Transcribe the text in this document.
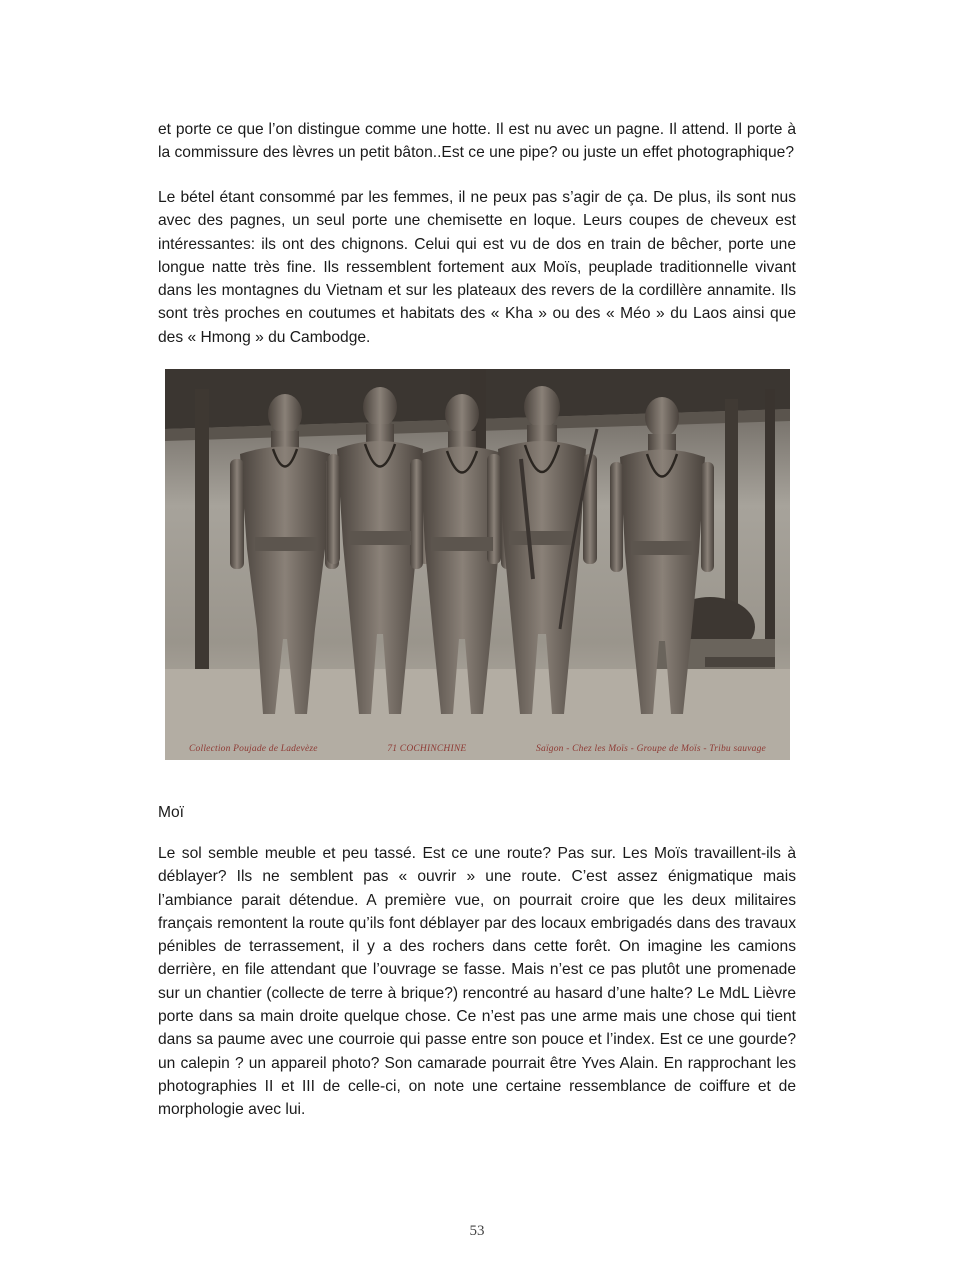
et porte ce que l’on distingue comme une hotte. Il est nu avec un pagne. Il attend. Il porte à la commissure des lèvres un petit bâton..Est ce une pipe? ou juste un effet photographique?

Le bétel étant consommé par les femmes, il ne peux pas s’agir de ça. De plus, ils sont nus avec des pagnes, un seul porte une chemisette en loque. Leurs coupes de cheveux est intéressantes: ils ont des chignons. Celui qui est vu de dos en train de bêcher, porte une longue natte très fine. Ils ressemblent fortement aux Moïs, peuplade traditionnelle vivant dans les montagnes du Vietnam et sur les plateaux des revers de la cordillère annamite. Ils sont très proches en coutumes et habitats des « Kha » ou des « Méo » du Laos ainsi que des « Hmong » du Cambodge.

Collection Poujade de Ladevèze	71 COCHINCHINE	Saïgon - Chez les Moïs - Groupe de Moïs - Tribu sauvage

Moï

Le sol semble meuble et peu tassé. Est ce une route? Pas sur. Les Moïs travaillent-ils à déblayer? Ils ne semblent pas « ouvrir » une route. C’est assez énigmatique mais l’ambiance parait détendue. A première vue, on pourrait croire que les deux militaires français remontent la route qu’ils font déblayer par des locaux embrigadés dans des travaux pénibles de terrassement, il y a des rochers dans cette forêt. On imagine les camions derrière, en file attendant que l’ouvrage se fasse. Mais n’est ce pas plutôt une promenade sur un chantier (collecte de terre à brique?) rencontré au hasard d’une halte? Le MdL Lièvre porte dans sa main droite quelque chose. Ce n’est pas une arme mais une chose qui tient dans sa paume avec une courroie qui passe entre son pouce et l’index. Est ce une gourde? un calepin ? un appareil photo? Son camarade pourrait être Yves Alain. En rapprochant les photographies II et III de celle-ci, on note une certaine ressemblance de coiffure et de morphologie avec lui.

53
